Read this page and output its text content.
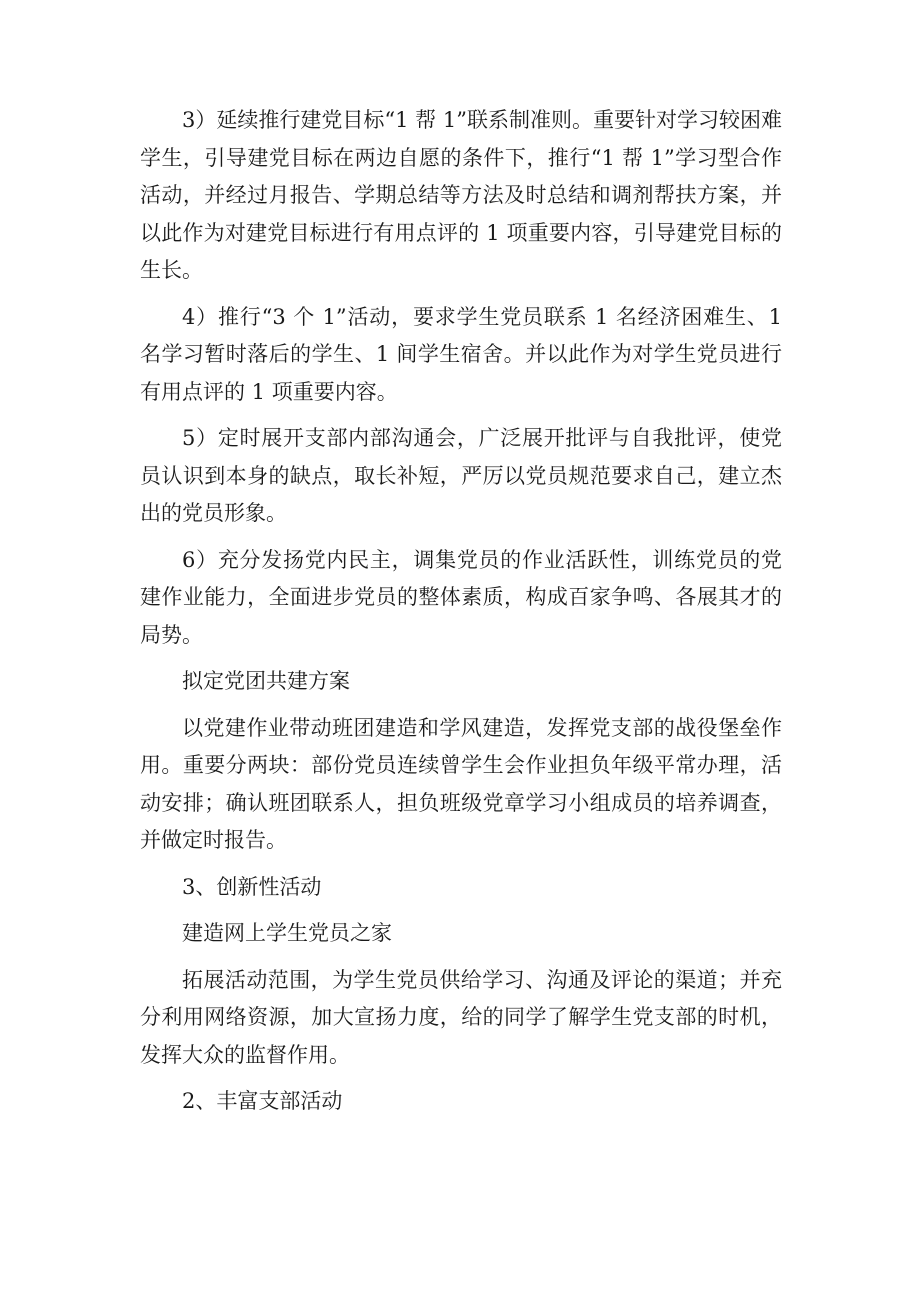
3）延续推行建党目标“1 帮 1”联系制准则。重要针对学习较困难学生，引导建党目标在两边自愿的条件下，推行“1 帮 1”学习型合作活动，并经过月报告、学期总结等方法及时总结和调剂帮扶方案，并以此作为对建党目标进行有用点评的 1 项重要内容，引导建党目标的生长。

4）推行“3 个 1”活动，要求学生党员联系 1 名经济困难生、1 名学习暂时落后的学生、1 间学生宿舍。并以此作为对学生党员进行有用点评的 1 项重要内容。

5）定时展开支部内部沟通会，广泛展开批评与自我批评，使党员认识到本身的缺点，取长补短，严厉以党员规范要求自己，建立杰出的党员形象。

6）充分发扬党内民主，调集党员的作业活跃性，训练党员的党建作业能力，全面进步党员的整体素质，构成百家争鸣、各展其才的局势。

拟定党团共建方案

以党建作业带动班团建造和学风建造，发挥党支部的战役堡垒作用。重要分两块：部份党员连续曾学生会作业担负年级平常办理，活动安排；确认班团联系人，担负班级党章学习小组成员的培养调查，并做定时报告。

3、创新性活动

建造网上学生党员之家

拓展活动范围，为学生党员供给学习、沟通及评论的渠道；并充分利用网络资源，加大宣扬力度，给的同学了解学生党支部的时机，发挥大众的监督作用。

2、丰富支部活动
